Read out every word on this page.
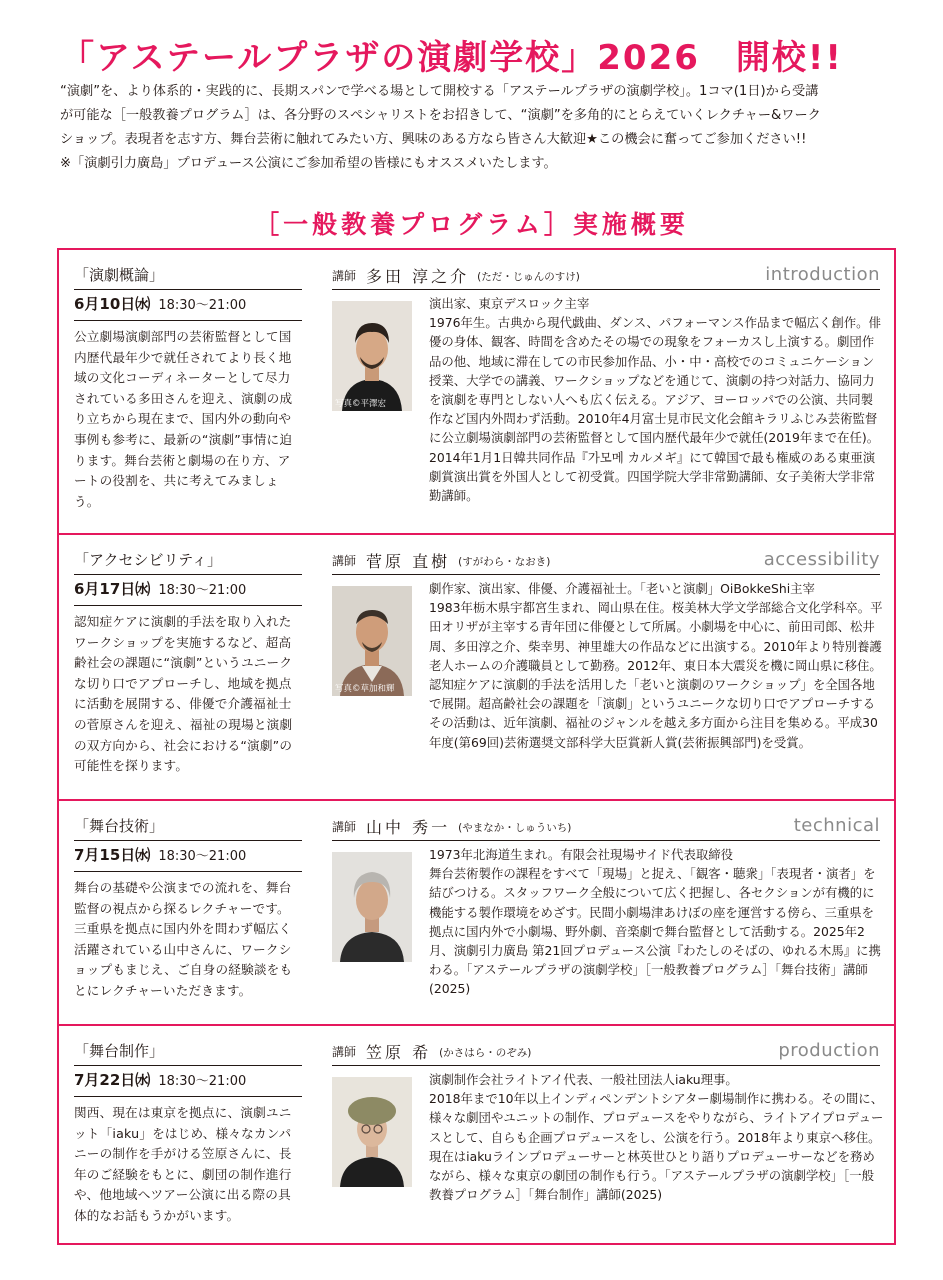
「アステールプラザの演劇学校」2026　開校!!
“演劇”を、より体系的・実践的に、長期スパンで学べる場として開校する「アステールプラザの演劇学校」。1コマ(1日)から受講
が可能な［一般教養プログラム］は、各分野のスペシャリストをお招きして、“演劇”を多角的にとらえていくレクチャー&ワーク
ショップ。表現者を志す方、舞台芸術に触れてみたい方、興味のある方なら皆さん大歓迎★この機会に奮ってご参加ください!!
※「演劇引力廣島」プロデュース公演にご参加希望の皆様にもオススメいたします。
［一般教養プログラム］実施概要
「演劇概論」
6月10日㈬ 18:30〜21:00
公立劇場演劇部門の芸術監督として国内歴代最年少で就任されてより長く地域の文化コーディネーターとして尽力されている多田さんを迎え、演劇の成り立ちから現在まで、国内外の動向や事例も参考に、最新の“演劇”事情に迫ります。舞台芸術と劇場の在り方、アートの役割を、共に考えてみましょう。
講師 多田 淳之介 (ただ・じゅんのすけ)	introduction
写真©平澤宏
演出家、東京デスロック主宰
1976年生。古典から現代戯曲、ダンス、パフォーマンス作品まで幅広く創作。俳優の身体、観客、時間を含めたその場での現象をフォーカスし上演する。劇団作品の他、地域に滞在しての市民参加作品、小・中・高校でのコミュニケーション授業、大学での講義、ワークショップなどを通じて、演劇の持つ対話力、協同力を演劇を専門としない人へも広く伝える。アジア、ヨーロッパでの公演、共同製作など国内外問わず活動。2010年4月富士見市民文化会館キラリふじみ芸術監督に公立劇場演劇部門の芸術監督として国内歴代最年少で就任(2019年まで在任)。2014年1月1日韓共同作品『가모메 カルメギ』にて韓国で最も権威のある東亜演劇賞演出賞を外国人として初受賞。四国学院大学非常勤講師、女子美術大学非常勤講師。
「アクセシビリティ」
6月17日㈬ 18:30〜21:00
認知症ケアに演劇的手法を取り入れたワークショップを実施するなど、超高齢社会の課題に“演劇”というユニークな切り口でアプローチし、地域を拠点に活動を展開する、俳優で介護福祉士の菅原さんを迎え、福祉の現場と演劇の双方向から、社会における“演劇”の可能性を探ります。
講師 菅原 直樹 (すがわら・なおき)	accessibility
写真©草加和輝
劇作家、演出家、俳優、介護福祉士。「老いと演劇」OiBokkeShi主宰
1983年栃木県宇都宮生まれ、岡山県在住。桜美林大学文学部総合文化学科卒。平田オリザが主宰する青年団に俳優として所属。小劇場を中心に、前田司郎、松井周、多田淳之介、柴幸男、神里雄大の作品などに出演する。2010年より特別養護老人ホームの介護職員として勤務。2012年、東日本大震災を機に岡山県に移住。認知症ケアに演劇的手法を活用した「老いと演劇のワークショップ」を全国各地で展開。超高齢社会の課題を「演劇」というユニークな切り口でアプローチするその活動は、近年演劇、福祉のジャンルを越え多方面から注目を集める。平成30年度(第69回)芸術選奨文部科学大臣賞新人賞(芸術振興部門)を受賞。
「舞台技術」
7月15日㈬ 18:30〜21:00
舞台の基礎や公演までの流れを、舞台監督の視点から探るレクチャーです。三重県を拠点に国内外を問わず幅広く活躍されている山中さんに、ワークショップもまじえ、ご自身の経験談をもとにレクチャーいただきます。
講師 山中 秀一 (やまなか・しゅういち)	technical
1973年北海道生まれ。有限会社現場サイド代表取締役
舞台芸術製作の課程をすべて「現場」と捉え、「観客・聴衆」「表現者・演者」を結びつける。スタッフワーク全般について広く把握し、各セクションが有機的に機能する製作環境をめざす。民間小劇場津あけぼの座を運営する傍ら、三重県を拠点に国内外で小劇場、野外劇、音楽劇で舞台監督として活動する。2025年2月、演劇引力廣島 第21回プロデュース公演『わたしのそばの、ゆれる木馬』に携わる。「アステールプラザの演劇学校」［一般教養プログラム］「舞台技術」講師(2025)
「舞台制作」
7月22日㈬ 18:30〜21:00
関西、現在は東京を拠点に、演劇ユニット「iaku」をはじめ、様々なカンパニーの制作を手がける笠原さんに、長年のご経験をもとに、劇団の制作進行や、他地域へツアー公演に出る際の具体的なお話もうかがいます。
講師 笠原 希 (かさはら・のぞみ)	production
演劇制作会社ライトアイ代表、一般社団法人iaku理事。
2018年まで10年以上インディペンデントシアター劇場制作に携わる。その間に、様々な劇団やユニットの制作、プロデュースをやりながら、ライトアイプロデュースとして、自らも企画プロデュースをし、公演を行う。2018年より東京へ移住。現在はiakuラインプロデューサーと林英世ひとり語りプロデューサーなどを務めながら、様々な東京の劇団の制作も行う。「アステールプラザの演劇学校」［一般教養プログラム］「舞台制作」講師(2025)
